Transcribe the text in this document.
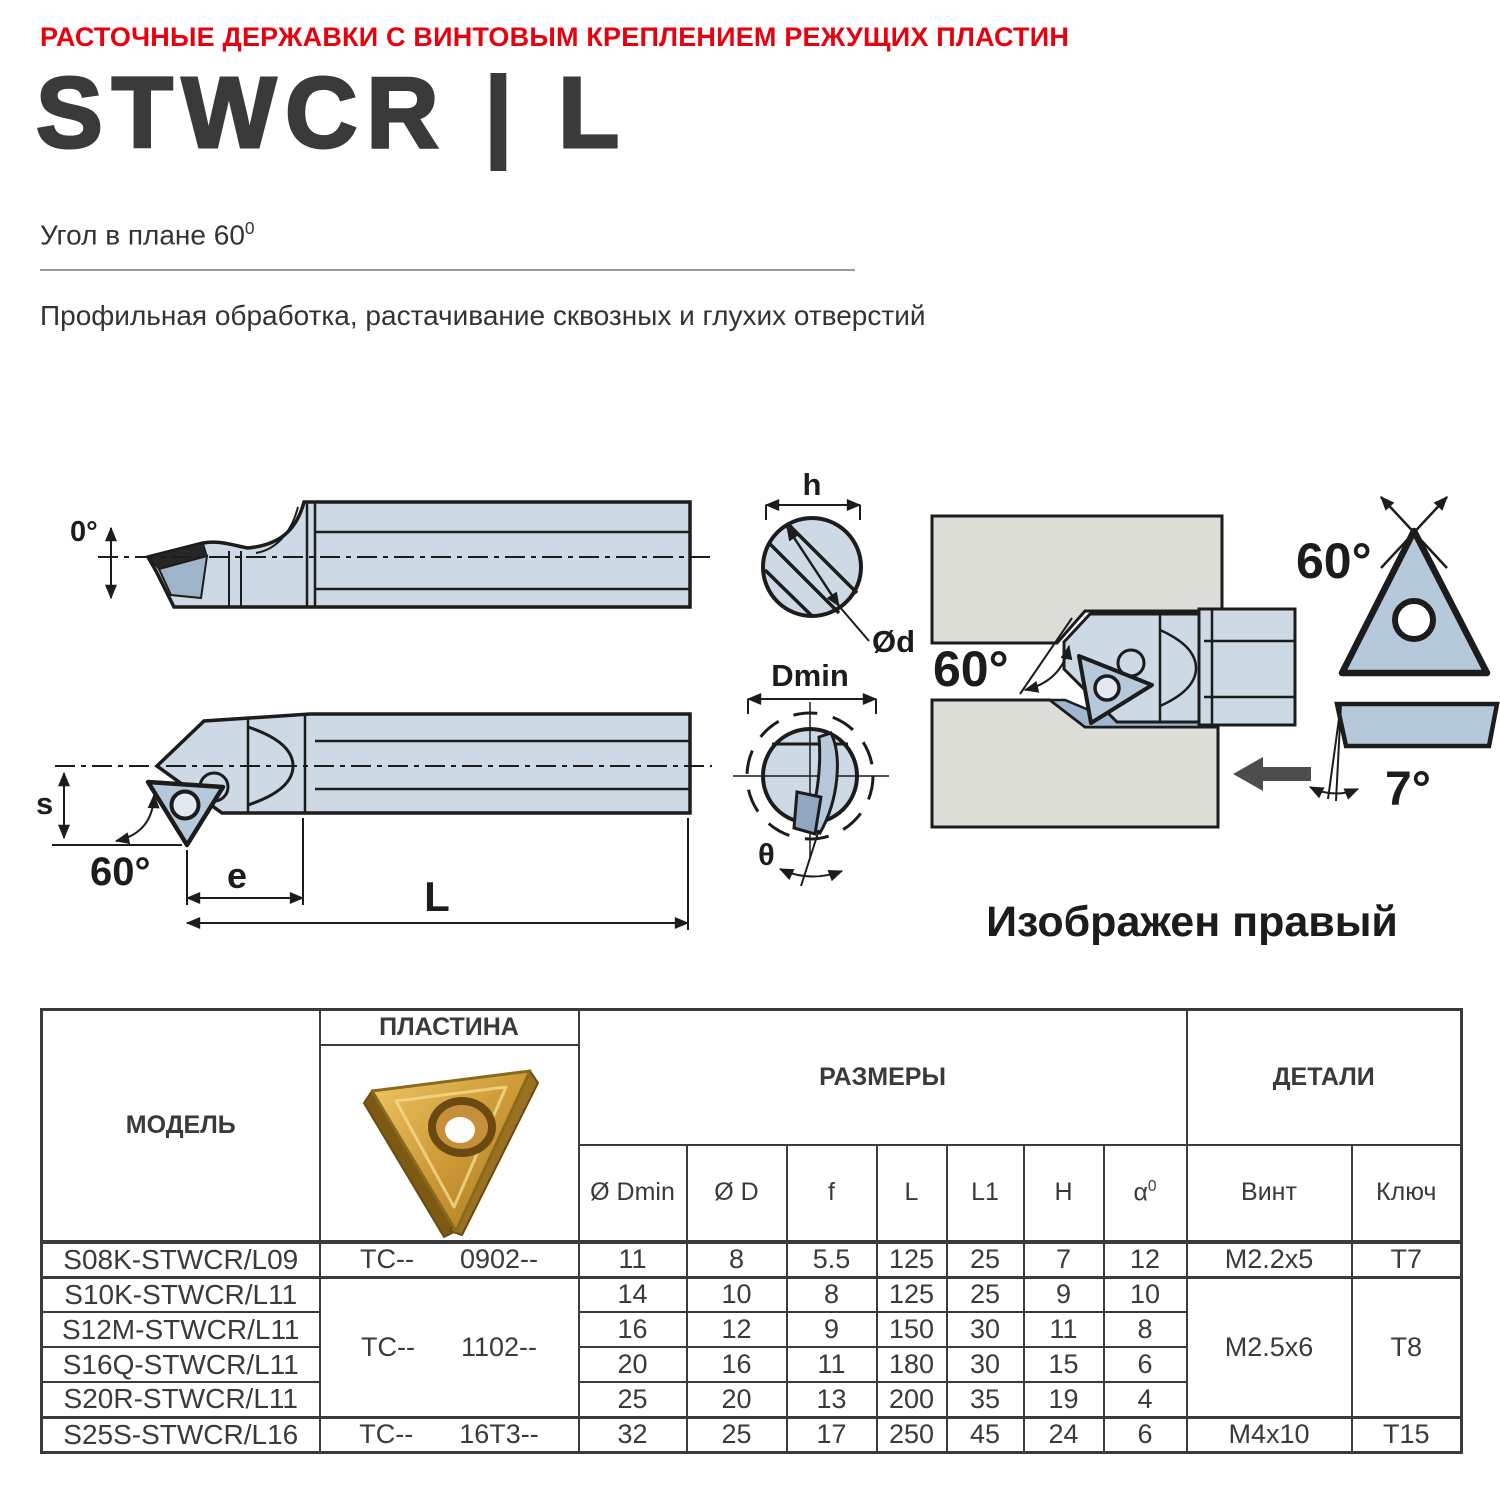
РАСТОЧНЫЕ ДЕРЖАВКИ С ВИНТОВЫМ КРЕПЛЕНИЕМ РЕЖУЩИХ ПЛАСТИН
STWCR | L
Угол в плане $60^0$
Профильная обработка, растачивание сквозных и глухих отверстий
0°
s
60° e	L
h
Ød
Dmin
θ
60°
60°
7°
Изображен правый
МОДЕЛЬ	ПЛАСТИНА	РАЗМЕРЫ							ДЕТАЛИ	

		Ø Dmin	Ø D	f	L	L1	H	$\alpha^0$	Винт	Ключ
S08K-STWCR/L09	TC-- 0902--	11	8	5.5	125	25	7	12	M2.2x5	T7
S10K-STWCR/L11	TC-- 1102--	14	10	8	125	25	9	10	M2.5x6	T8
S12M-STWCR/L11		16	12	9	150	30	11	8		
S16Q-STWCR/L11		20	16	11	180	30	15	6		
S20R-STWCR/L11		25	20	13	200	35	19	4		
S25S-STWCR/L16	TC-- 16T3--	32	25	17	250	45	24	6	M4x10	T15
